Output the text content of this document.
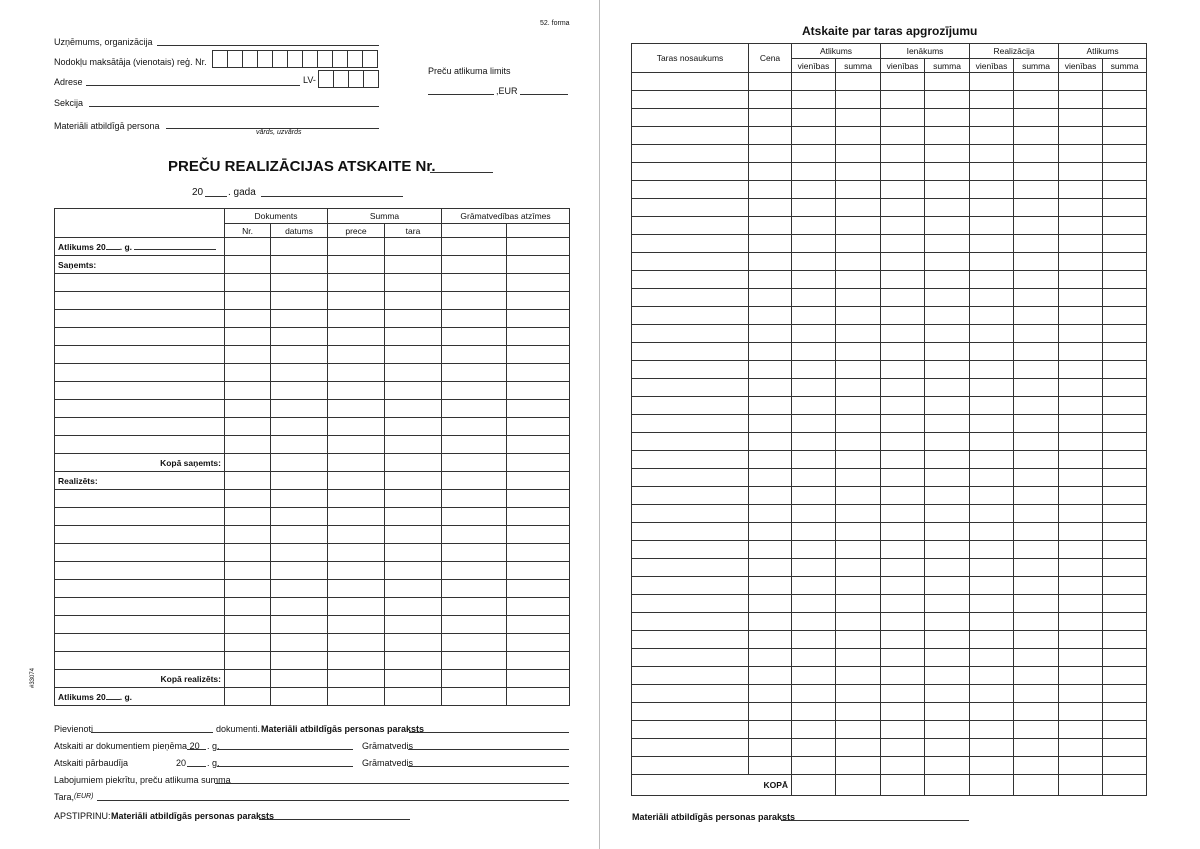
52. forma
Uzņēmums, organizācija
Nodokļu maksātāja (vienotais) reģ. Nr.
Adrese	LV-
Preču atlikuma limits
,EUR
Sekcija
Materiāli atbildīgā persona
vārds, uzvārds
PREČU REALIZĀCIJAS ATSKAITE Nr.
20 . gada
	Dokuments		Summa		Grāmatvedības atzīmes	
	Nr.	datums	prece	tara		
Atlikums 20 . g.						
Saņemts:						

Kopā saņemts:						
Realizēts:						

Kopā realizēts:						
Atlikums 20 . g.						
#33074
Pievienoti	dokumenti. Materiāli atbildīgās personas paraksts
Atskaiti ar dokumentiem pieņēma 20 . g.	Grāmatvedis
Atskaiti pārbaudīja	20 . g.	Grāmatvedis
Labojumiem piekrītu, preču atlikuma summa
Tara, (EUR)
APSTIPRINU: Materiāli atbildīgās personas paraksts
Atskaite par taras apgrozījumu
Taras nosaukums	Cena	Atlikums		Ienākums		Realizācija		Atlikums	
		vienības	summa	vienības	summa	vienības	summa	vienības	summa

KOPĀ									
Materiāli atbildīgās personas paraksts
